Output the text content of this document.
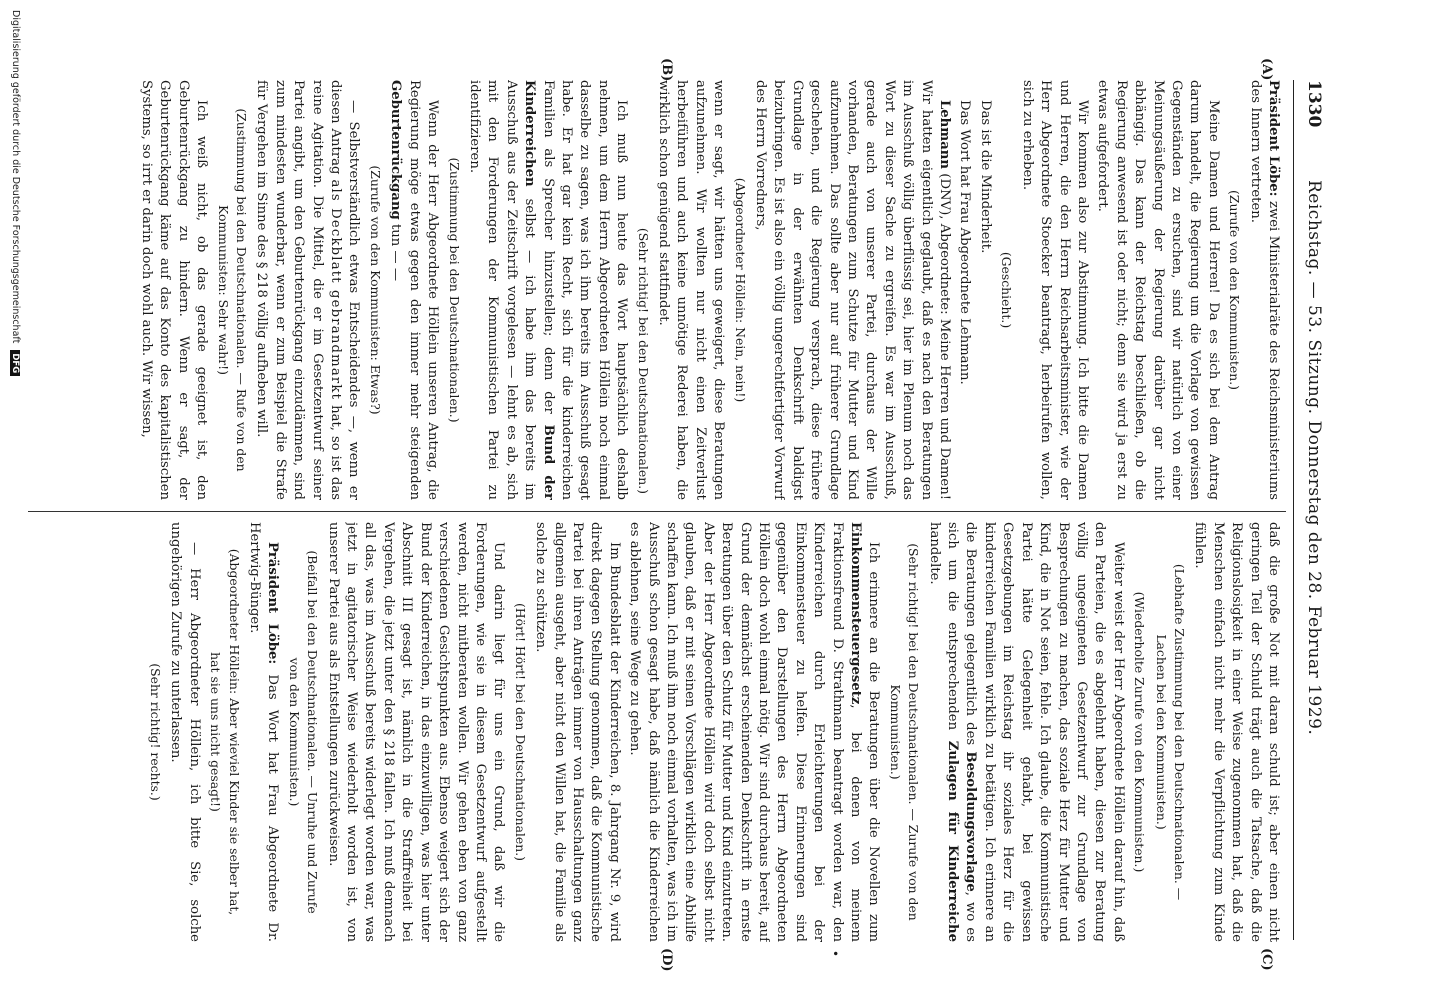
1330
Reichstag. — 53. Sitzung. Donnerstag den 28. Februar 1929.
(A)
(B)
(C)
(D)	•

Präsident Löbe: zwei Ministerialräte des Reichsministeriums des Innern vertreten.

(Zurufe von den Kommunisten.)

Meine Damen und Herren! Da es sich bei dem Antrag darum handelt, die Regierung um die Vorlage von gewissen Gegenständen zu ersuchen, sind wir natürlich von einer Meinungsäußerung der Regierung darüber gar nicht abhängig. Das kann der Reichstag beschließen, ob die Regierung anwesend ist oder nicht; denn sie wird ja erst zu etwas aufgefordert.

Wir kommen also zur Abstimmung. Ich bitte die Damen und Herren, die den Herrn Reichsarbeitsminister, wie der Herr Abgeordnete Stoecker beantragt, herbeirufen wollen, sich zu erheben.

(Geschieht.)

Das ist die Minderheit.

Das Wort hat Frau Abgeordnete Lehmann.

Lehmann (DNV), Abgeordnete: Meine Herren und Damen! Wir hatten eigentlich geglaubt, daß es nach den Beratungen im Ausschuß völlig überflüssig sei, hier im Plenum noch das Wort zu dieser Sache zu ergreifen. Es war im Ausschuß, gerade auch von unserer Partei, durchaus der Wille vorhanden, Beratungen zum Schutze für Mutter und Kind aufzunehmen. Das sollte aber nur auf früherer Grundlage geschehen, und die Regierung versprach, diese frühere Grundlage in der erwähnten Denkschrift baldigst beizubringen. Es ist also ein völlig ungerechtfertigter Vorwurf des Herrn Vorredners,

(Abgeordneter Höllein: Nein, nein!)

wenn er sagt, wir hätten uns geweigert, diese Beratungen aufzunehmen. Wir wollten nur nicht einen Zeitverlust herbeiführen und auch keine unnötige Rederei haben, die wirklich schon genügend stattfindet.

(Sehr richtig! bei den Deutschnationalen.)

Ich muß nun heute das Wort hauptsächlich deshalb nehmen, um dem Herrn Abgeordneten Höllein noch einmal dasselbe zu sagen, was ich ihm bereits im Ausschuß gesagt habe. Er hat gar kein Recht, sich für die kinderreichen Familien als Sprecher hinzustellen; denn der Bund der Kinderreichen selbst — ich habe ihm das bereits im Ausschuß aus der Zeitschrift vorgelesen — lehnt es ab, sich mit den Forderungen der Kommunistischen Partei zu identifizieren.

(Zustimmung bei den Deutschnationalen.)

Wenn der Herr Abgeordnete Höllein unseren Antrag, die Regierung möge etwas gegen den immer mehr steigenden Geburtenrückgang tun — —

(Zurufe von den Kommunisten: Etwas?)

— Selbstverständlich etwas Entscheidendes —, wenn er diesen Antrag als Deckblatt gebrandmarkt hat, so ist das reine Agitation. Die Mittel, die er im Gesetzentwurf seiner Partei angibt, um den Geburtenrückgang einzudämmen, sind zum mindesten wunderbar, wenn er zum Beispiel die Strafe für Vergehen im Sinne des § 218 völlig aufheben will.

(Zustimmung bei den Deutschnationalen. — Rufe von den Kommunisten: Sehr wahr!)

Ich weiß nicht, ob das gerade geeignet ist, den Geburtenrückgang zu hindern. Wenn er sagt, der Geburtenrückgang käme auf das Konto des kapitalistischen Systems, so irrt er darin doch wohl auch. Wir wissen,

daß die große Not mit daran schuld ist; aber einen nicht geringen Teil der Schuld trägt auch die Tatsache, daß die Religionslosigkeit in einer Weise zugenommen hat, daß die Menschen einfach nicht mehr die Verpflichtung zum Kinde fühlen.

(Lebhafte Zustimmung bei den Deutschnationalen. — Lachen bei den Kommunisten.)

(Wiederholte Zurufe von den Kommunisten.)

Weiter weist der Herr Abgeordnete Höllein darauf hin, daß den Parteien, die es abgelehnt haben, diesen zur Beratung völlig ungeeigneten Gesetzentwurf zur Grundlage von Besprechungen zu machen, das soziale Herz für Mutter und Kind, die in Not seien, fehle. Ich glaube, die Kommunistische Partei hätte Gelegenheit gehabt, bei gewissen Gesetzgebungen im Reichstag ihr soziales Herz für die kinderreichen Familien wirklich zu betätigen. Ich erinnere an die Beratungen gelegentlich des Besoldungsvorlage, wo es sich um die entsprechenden Zulagen für Kinderreiche handelte.

(Sehr richtig! bei den Deutschnationalen. — Zurufe von den Kommunisten.)

Ich erinnere an die Beratungen über die Novellen zum Einkommensteuergesetz, bei denen von meinem Fraktionsfreund D. Strathmann beantragt worden war, den Kinderreichen durch Erleichterungen bei der Einkommensteuer zu helfen. Diese Erinnerungen sind gegenüber den Darstellungen des Herrn Abgeordneten Höllein doch wohl einmal nötig. Wir sind durchaus bereit, auf Grund der demnächst erscheinenden Denkschrift in ernste Beratungen über den Schutz für Mutter und Kind einzutreten. Aber der Herr Abgeordnete Höllein wird doch selbst nicht glauben, daß er mit seinen Vorschlägen wirklich eine Abhilfe schaffen kann. Ich muß ihm noch einmal vorhalten, was ich im Ausschuß schon gesagt habe, daß nämlich die Kinderreichen es ablehnen, seine Wege zu gehen.

Im Bundesblatt der Kinderreichen, 8. Jahrgang Nr. 9, wird direkt dagegen Stellung genommen, daß die Kommunistische Partei bei ihren Anträgen immer von Hausschaltungen ganz allgemein ausgeht, aber nicht den Willen hat, die Familie als solche zu schützen.

(Hört! Hört! bei den Deutschnationalen.)

Und darin liegt für uns ein Grund, daß wir die Forderungen, wie sie in diesem Gesetzentwurf aufgestellt werden, nicht mitberaten wollen. Wir gehen eben von ganz verschiedenen Gesichtspunkten aus. Ebenso weigert sich der Bund der Kinderreichen, in das einzuwilligen, was hier unter Abschnitt III gesagt ist, nämlich in die Straffreiheit bei Vergehen, die jetzt unter den § 218 fallen. Ich muß demnach all das, was im Ausschuß bereits widerlegt worden war, was jetzt in agitatorischer Weise wiederholt worden ist, von unserer Partei aus als Entstellungen zurückweisen.

(Beifall bei den Deutschnationalen. — Unruhe und Zurufe von den Kommunisten.)

Präsident Löbe: Das Wort hat Frau Abgeordnete Dr. Hertwig-Bünger.

(Abgeordneter Höllein: Aber wieviel Kinder sie selber hat, hat sie uns nicht gesagt!)

— Herr Abgeordneter Höllein, ich bitte Sie, solche ungehörigen Zurufe zu unterlassen.

(Sehr richtig! rechts.)

Digitalisierung gefördert durch die Deutsche Forschungsgemeinschaft DFG
